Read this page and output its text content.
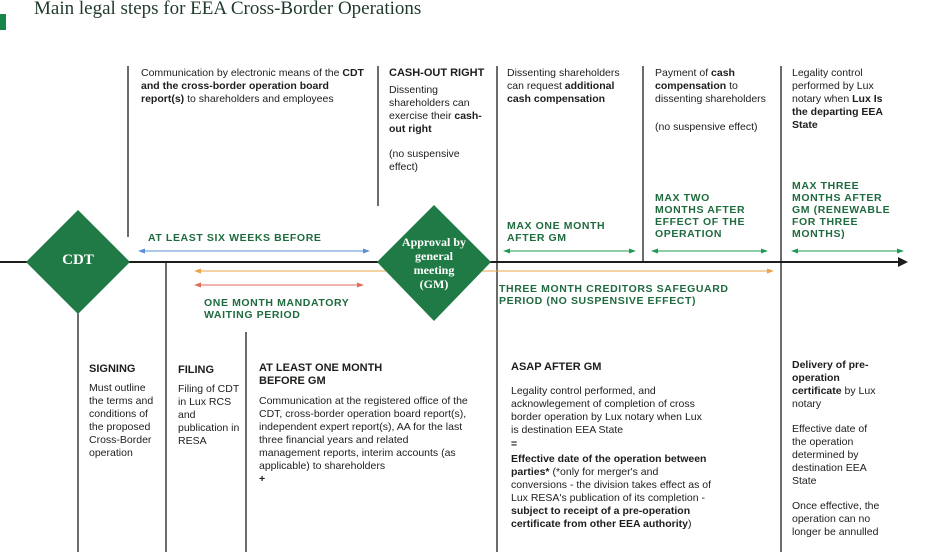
Main legal steps for EEA Cross-Border Operations
CDT
Approval by general meeting (GM)
Communication by electronic means of the CDT and the cross-border operation board report(s) to shareholders and employees
CASH-OUT RIGHT
Dissenting shareholders can exercise their cash-out right
(no suspensive effect)
Dissenting shareholders can request additional cash compensation
Payment of cash compensation to dissenting shareholders
(no suspensive effect)
Legality control performed by Lux notary when Lux Is the departing EEA State
AT LEAST SIX WEEKS BEFORE
MAX ONE MONTH AFTER GM
MAX TWO MONTHS AFTER EFFECT OF THE OPERATION
MAX THREE MONTHS AFTER GM (RENEWABLE FOR THREE MONTHS)
ONE MONTH MANDATORY WAITING PERIOD
THREE MONTH CREDITORS SAFEGUARD PERIOD (NO SUSPENSIVE EFFECT)
SIGNING
Must outline the terms and conditions of the proposed Cross-Border operation
FILING
Filing of CDT in Lux RCS and publication in RESA
AT LEAST ONE MONTH BEFORE GM
Communication at the registered office of the CDT, cross-border operation board report(s), independent expert report(s), AA for the last three financial years and related management reports, interim accounts (as applicable) to shareholders
+
ASAP AFTER GM
Legality control performed, and acknowlegement of completion of cross border operation by Lux notary when Lux is destination EEA State
=
Effective date of the operation between parties* (*only for merger's and conversions - the division takes effect as of Lux RESA's publication of its completion - subject to receipt of a pre-operation certificate from other EEA authority)
Delivery of pre-operation certificate by Lux notary
Effective date of the operation determined by destination EEA State
Once effective, the operation can no longer be annulled
